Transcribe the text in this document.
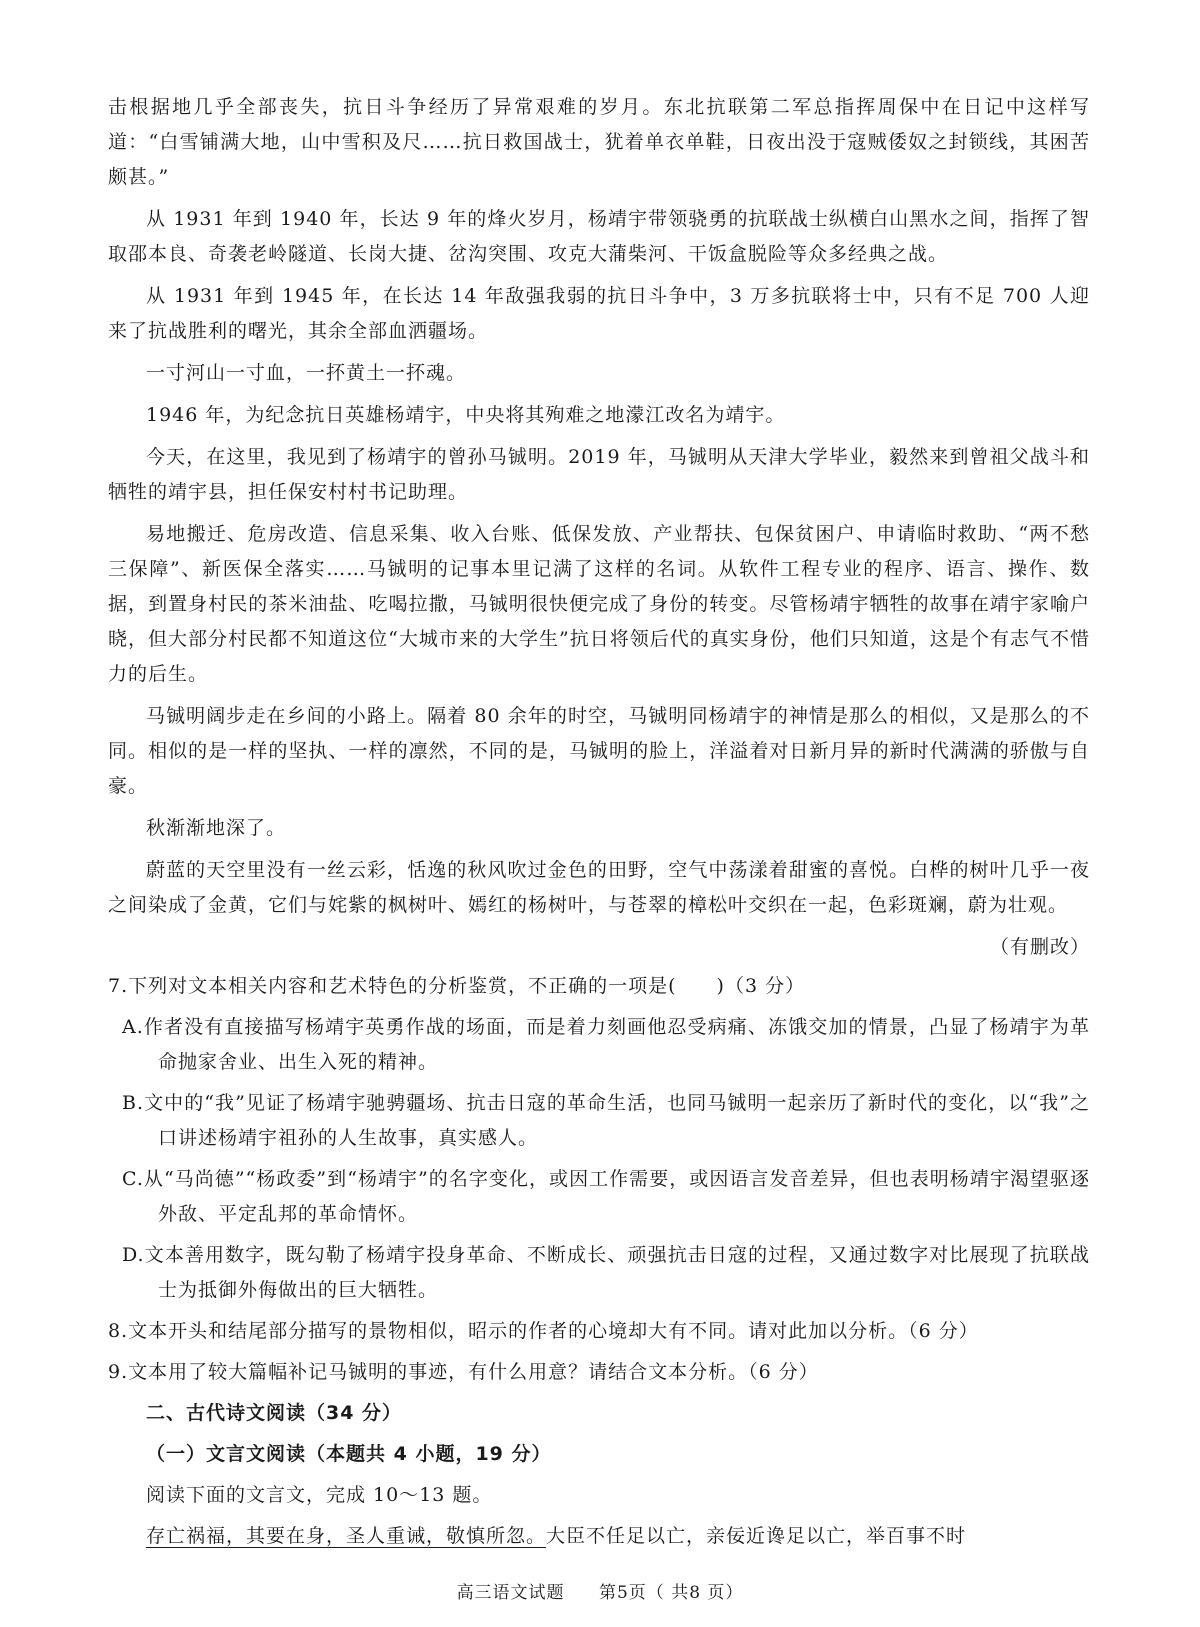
击根据地几乎全部丧失，抗日斗争经历了异常艰难的岁月。东北抗联第二军总指挥周保中在日记中这样写道：“白雪铺满大地，山中雪积及尺……抗日救国战士，犹着单衣单鞋，日夜出没于寇贼倭奴之封锁线，其困苦颇甚。”

从 1931 年到 1940 年，长达 9 年的烽火岁月，杨靖宇带领骁勇的抗联战士纵横白山黑水之间，指挥了智取邵本良、奇袭老岭隧道、长岗大捷、岔沟突围、攻克大蒲柴河、干饭盒脱险等众多经典之战。

从 1931 年到 1945 年，在长达 14 年敌强我弱的抗日斗争中，3 万多抗联将士中，只有不足 700 人迎来了抗战胜利的曙光，其余全部血洒疆场。

一寸河山一寸血，一抔黄土一抔魂。

1946 年，为纪念抗日英雄杨靖宇，中央将其殉难之地濛江改名为靖宇。

今天，在这里，我见到了杨靖宇的曾孙马铖明。2019 年，马铖明从天津大学毕业，毅然来到曾祖父战斗和牺牲的靖宇县，担任保安村村书记助理。

易地搬迁、危房改造、信息采集、收入台账、低保发放、产业帮扶、包保贫困户、申请临时救助、“两不愁三保障”、新医保全落实……马铖明的记事本里记满了这样的名词。从软件工程专业的程序、语言、操作、数据，到置身村民的茶米油盐、吃喝拉撒，马铖明很快便完成了身份的转变。尽管杨靖宇牺牲的故事在靖宇家喻户晓，但大部分村民都不知道这位“大城市来的大学生”抗日将领后代的真实身份，他们只知道，这是个有志气不惜力的后生。

马铖明阔步走在乡间的小路上。隔着 80 余年的时空，马铖明同杨靖宇的神情是那么的相似，又是那么的不同。相似的是一样的坚执、一样的凛然，不同的是，马铖明的脸上，洋溢着对日新月异的新时代满满的骄傲与自豪。

秋渐渐地深了。

蔚蓝的天空里没有一丝云彩，恬逸的秋风吹过金色的田野，空气中荡漾着甜蜜的喜悦。白桦的树叶几乎一夜之间染成了金黄，它们与姹紫的枫树叶、嫣红的杨树叶，与苍翠的樟松叶交织在一起，色彩斑斓，蔚为壮观。

（有删改）

7.下列对文本相关内容和艺术特色的分析鉴赏，不正确的一项是(　　)（3 分）

A.作者没有直接描写杨靖宇英勇作战的场面，而是着力刻画他忍受病痛、冻饿交加的情景，凸显了杨靖宇为革命抛家舍业、出生入死的精神。

B.文中的“我”见证了杨靖宇驰骋疆场、抗击日寇的革命生活，也同马铖明一起亲历了新时代的变化，以“我”之口讲述杨靖宇祖孙的人生故事，真实感人。

C.从“马尚德”“杨政委”到“杨靖宇”的名字变化，或因工作需要，或因语言发音差异，但也表明杨靖宇渴望驱逐外敌、平定乱邦的革命情怀。

D.文本善用数字，既勾勒了杨靖宇投身革命、不断成长、顽强抗击日寇的过程，又通过数字对比展现了抗联战士为抵御外侮做出的巨大牺牲。

8.文本开头和结尾部分描写的景物相似，昭示的作者的心境却大有不同。请对此加以分析。（6 分）

9.文本用了较大篇幅补记马铖明的事迹，有什么用意？请结合文本分析。（6 分）

二、古代诗文阅读（34 分）

（一）文言文阅读（本题共 4 小题，19 分）

阅读下面的文言文，完成 10～13 题。

存亡祸福，其要在身，圣人重诫，敬慎所忽。大臣不任足以亡，亲佞近谗足以亡，举百事不时

高三语文试题 第5页（ 共8 页）
